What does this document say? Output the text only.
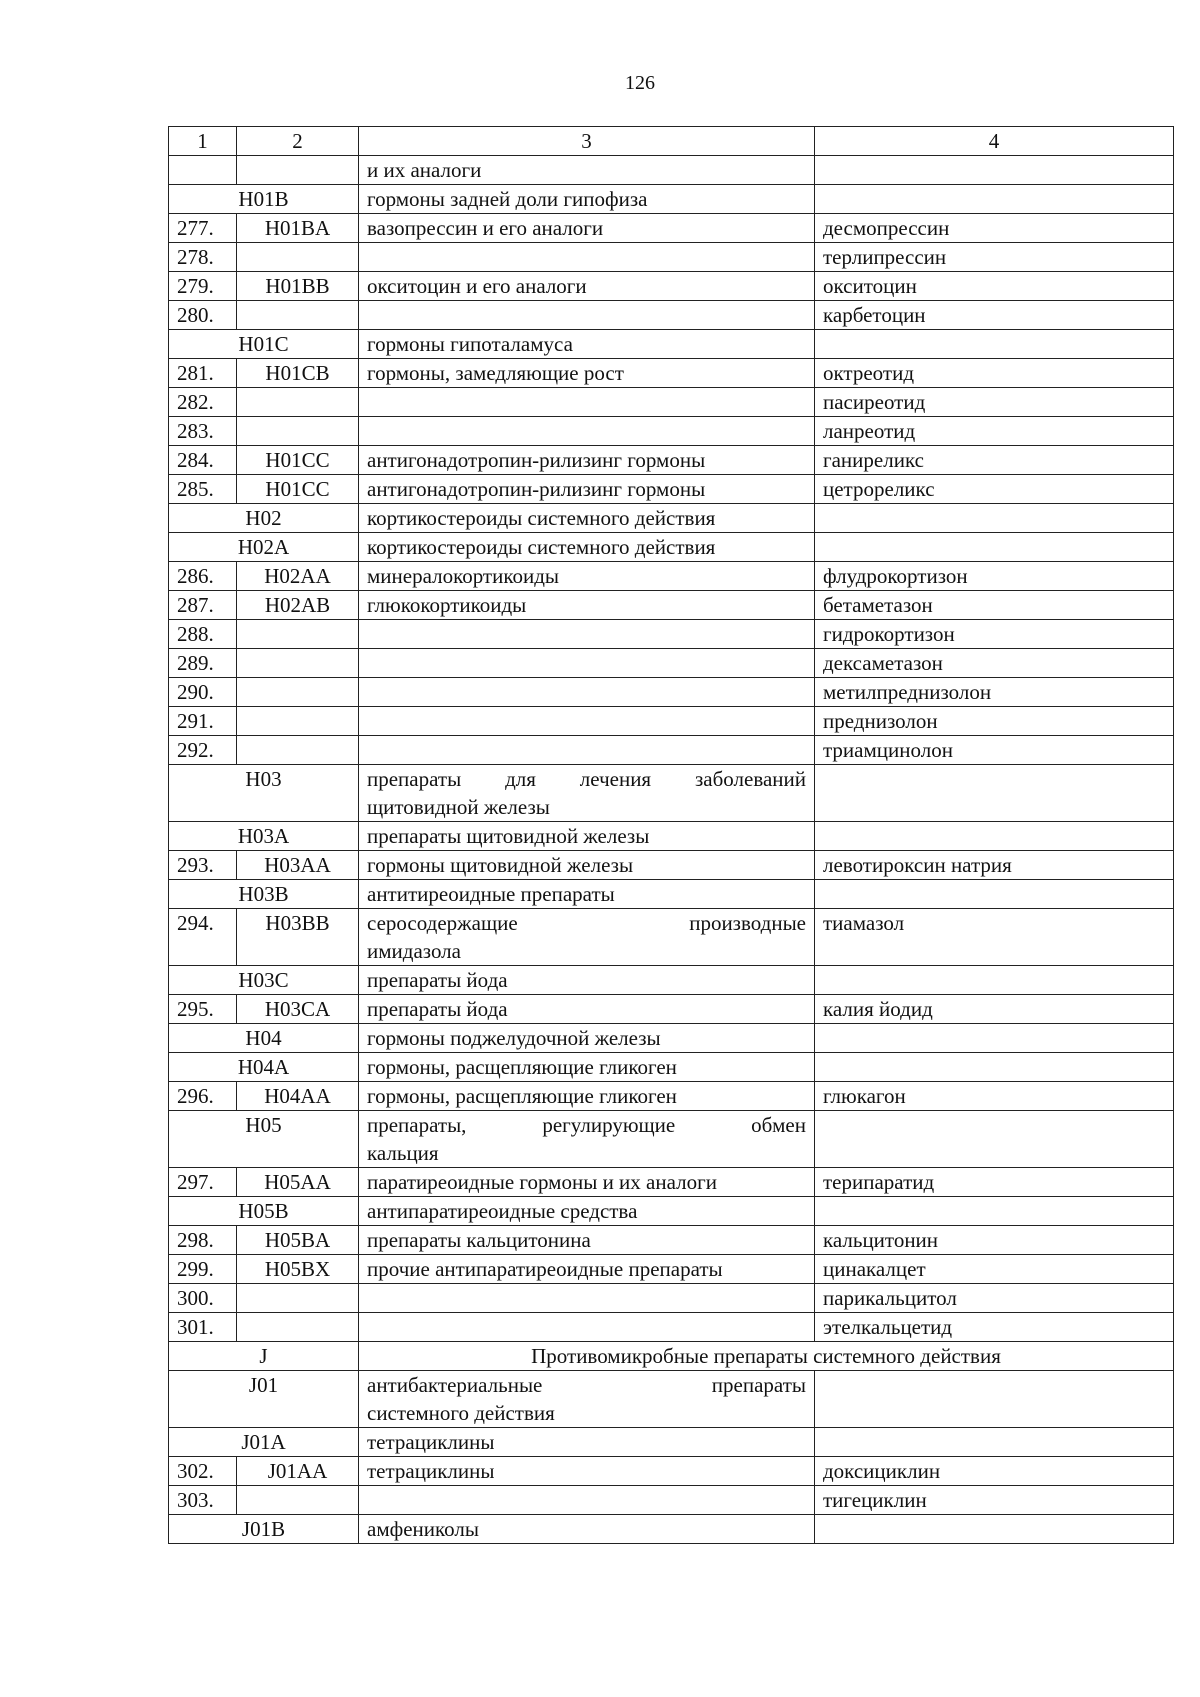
126
1	2	3	4
		и их аналоги	
H01B		гормоны задней доли гипофиза	
277.	H01BA	вазопрессин и его аналоги	десмопрессин
278.			терлипрессин
279.	H01BB	окситоцин и его аналоги	окситоцин
280.			карбетоцин
H01C		гормоны гипоталамуса	
281.	H01CB	гормоны, замедляющие рост	октреотид
282.			пасиреотид
283.			ланреотид
284.	H01CC	антигонадотропин-рилизинг гормоны	ганиреликс
285.	H01CC	антигонадотропин-рилизинг гормоны	цетрореликс
H02		кортикостероиды системного действия	
H02A		кортикостероиды системного действия	
286.	H02AA	минералокортикоиды	флудрокортизон
287.	H02AB	глюкокортикоиды	бетаметазон
288.			гидрокортизон
289.			дексаметазон
290.			метилпреднизолон
291.			преднизолон
292.			триамцинолон
H03		препараты для лечения заболеваний
щитовидной железы	

H03A		препараты щитовидной железы	
293.	H03AA	гормоны щитовидной железы	левотироксин натрия
H03B		антитиреоидные препараты	
294.	H03BB	серосодержащие производные
имидазола	тиамазол
H03C		препараты йода	
295.	H03CA	препараты йода	калия йодид
H04		гормоны поджелудочной железы	
H04A		гормоны, расщепляющие гликоген	
296.	H04AA	гормоны, расщепляющие гликоген	глюкагон
H05		препараты, регулирующие обмен
кальция	

297.	H05AA	паратиреоидные гормоны и их аналоги	терипаратид
H05B		антипаратиреоидные средства	
298.	H05BA	препараты кальцитонина	кальцитонин
299.	H05BX	прочие антипаратиреоидные препараты	цинакалцет
300.			парикальцитол
301.			этелкальцетид
J		Противомикробные препараты системного действия	
J01		антибактериальные препараты
системного действия	

J01A		тетрациклины	
302.	J01AA	тетрациклины	доксициклин
303.			тигециклин
J01B		амфениколы	
